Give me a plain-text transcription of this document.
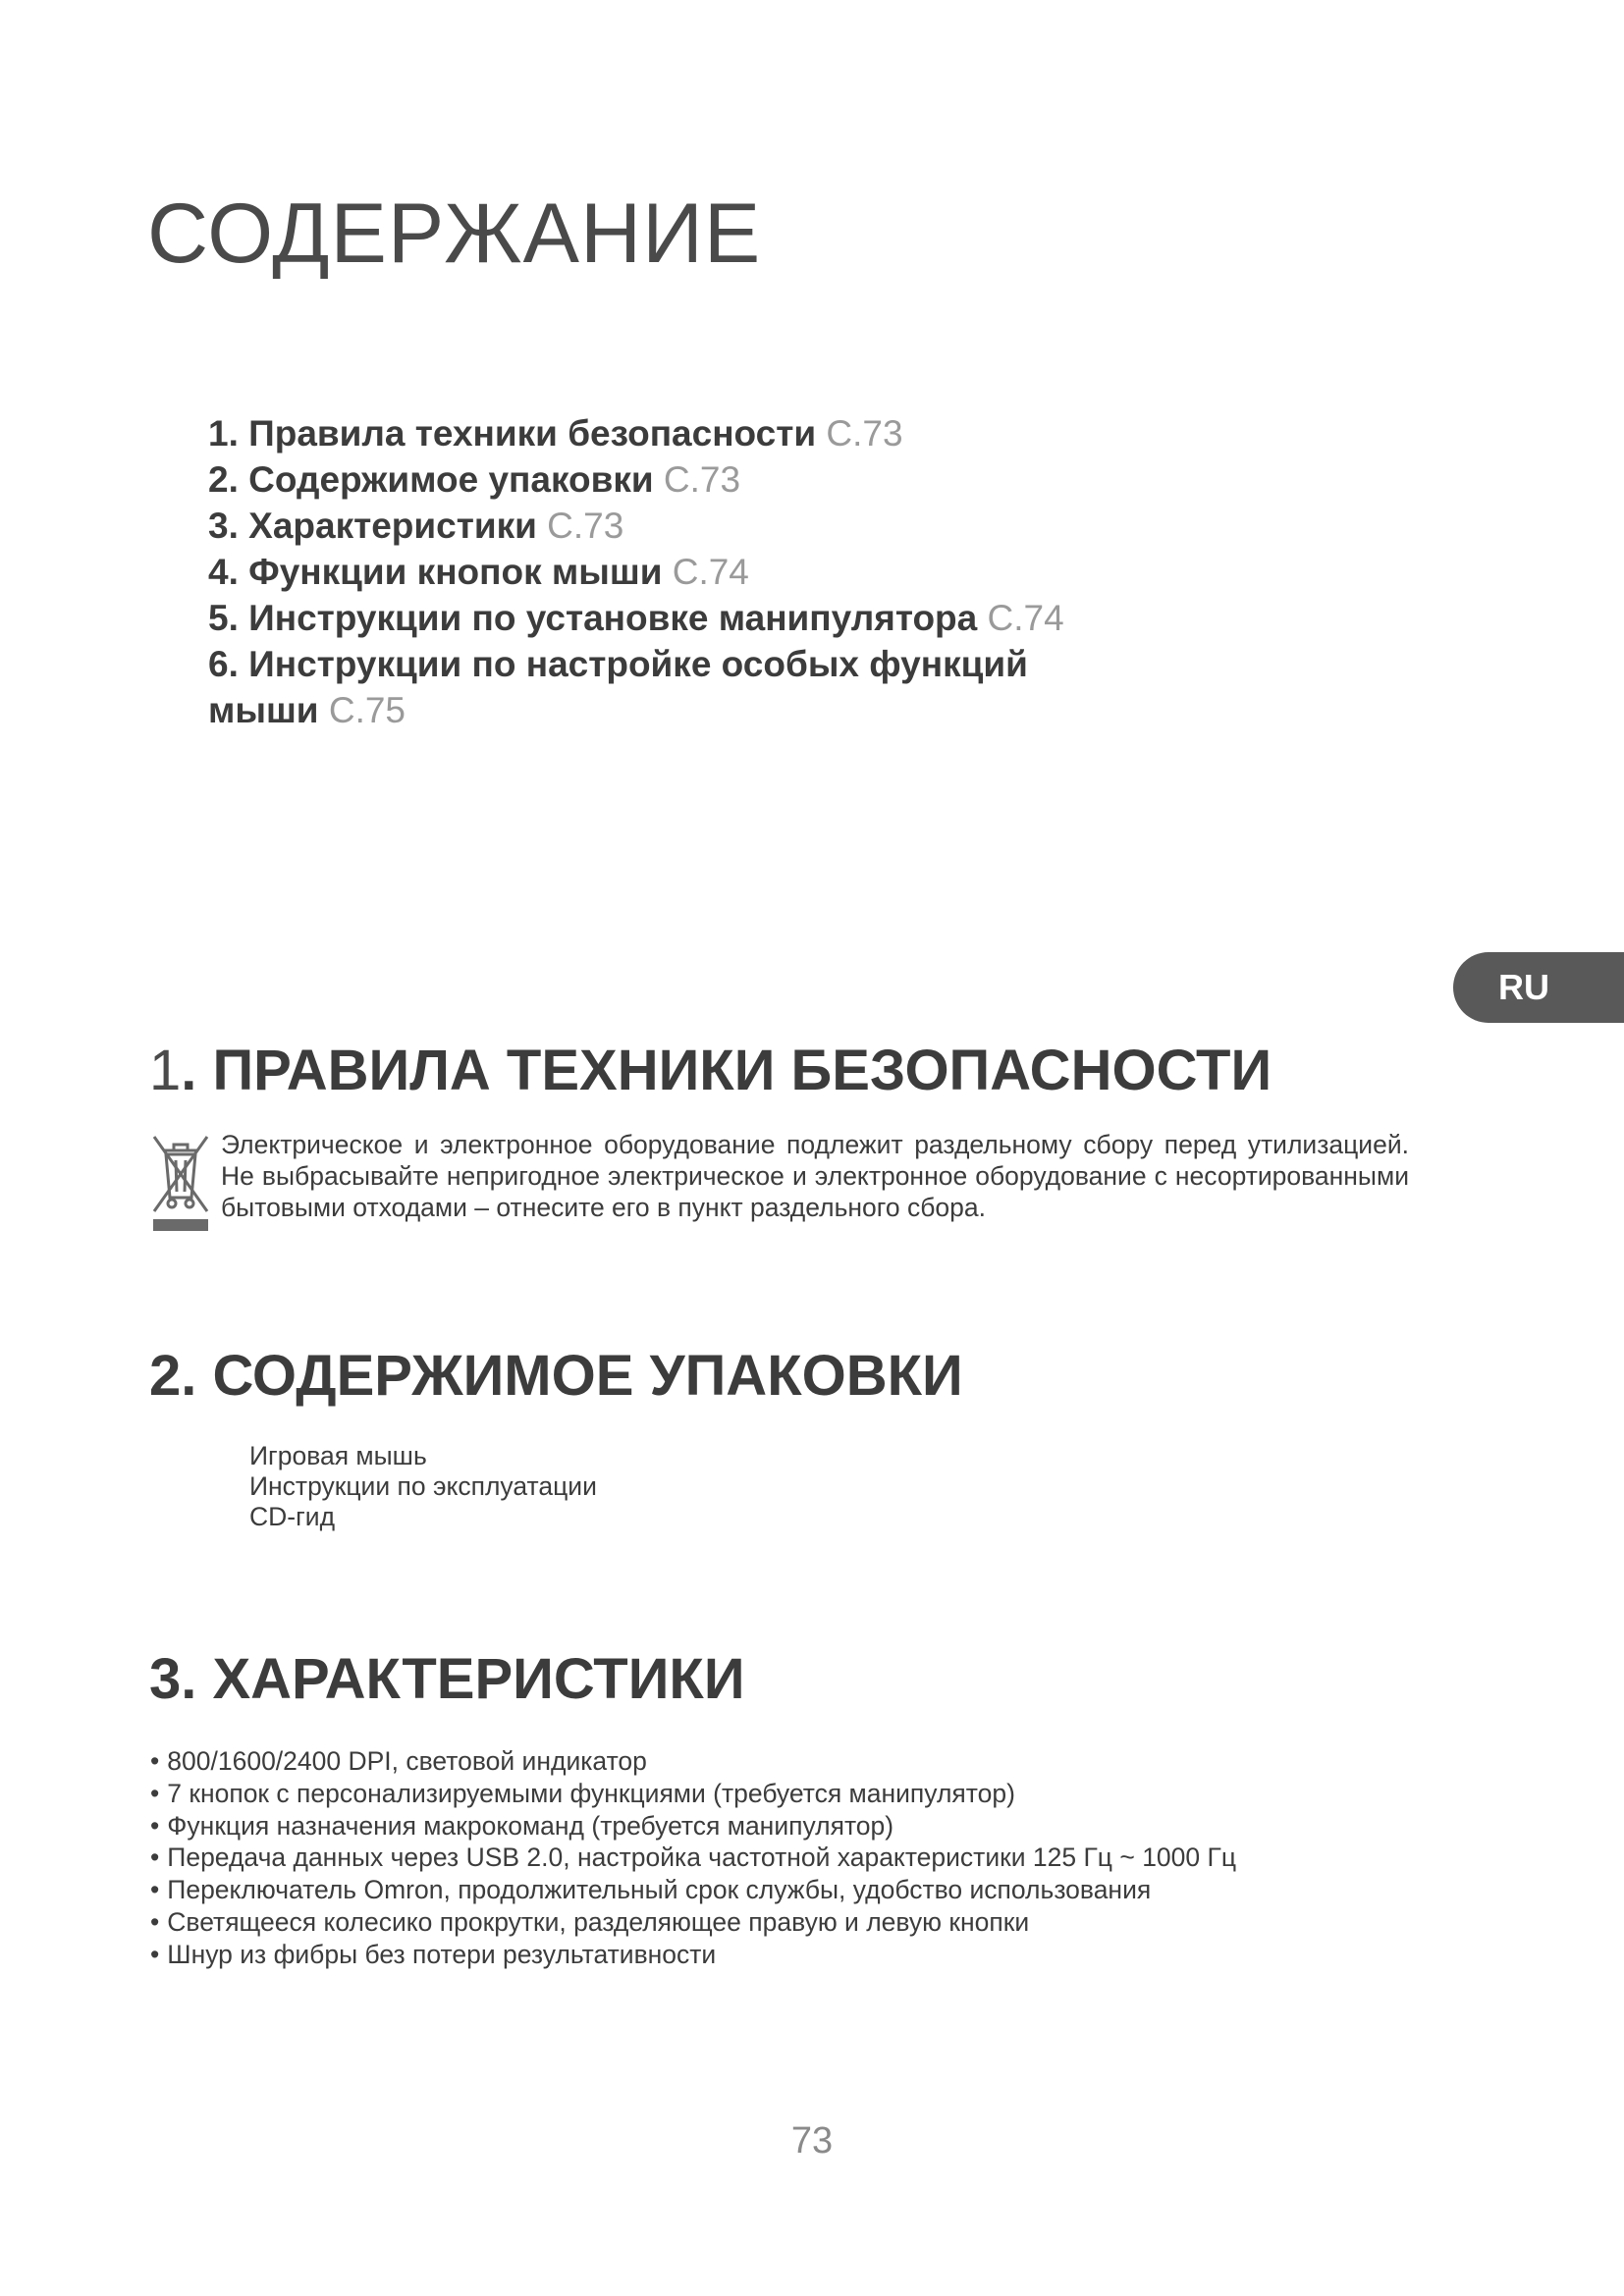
СОДЕРЖАНИЕ
1. Правила техники безопасности C.73
2. Содержимое упаковки C.73
3. Характеристики C.73
4. Функции кнопок мыши C.74
5. Инструкции по установке манипулятора C.74
6. Инструкции по настройке особых функций мыши C.75
RU
1. ПРАВИЛА ТЕХНИКИ БЕЗОПАСНОСТИ

Электрическое и электронное оборудование подлежит раздельному сбору перед утилизацией. Не выбрасывайте непригодное электрическое и электронное оборудование с несортированными бытовыми отходами – отнесите его в пункт раздельного сбора.

2. СОДЕРЖИМОЕ УПАКОВКИ
Игровая мышь
Инструкции по эксплуатации
CD-гид
3. ХАРАКТЕРИСТИКИ
• 800/1600/2400 DPI, световой индикатор
• 7 кнопок с персонализируемыми функциями (требуется манипулятор)
• Функция назначения макрокоманд (требуется манипулятор)
• Передача данных через USB 2.0, настройка частотной характеристики 125 Гц ~ 1000 Гц
• Переключатель Omron, продолжительный срок службы, удобство использования
• Светящееся колесико прокрутки, разделяющее правую и левую кнопки
• Шнур из фибры без потери результативности
73
